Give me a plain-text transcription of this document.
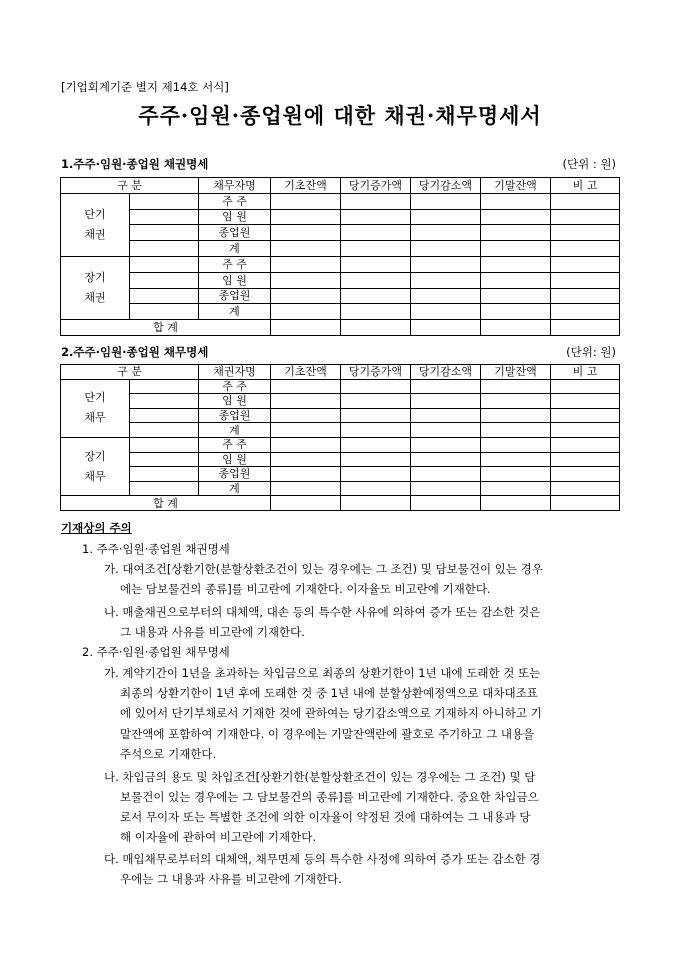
[기업회계기준 별지 제14호 서식]
주주·임원·종업원에 대한 채권·채무명세서
1.주주·임원·종업원 채권명세	(단위 : 원)
구 분		채무자명	기초잔액	당기증가액	당기감소액	기말잔액	비 고
단기
채권		주 주					
		임 원					
		종업원					
		계					
장기
채권		주 주					
		임 원					
		종업원					
		계					
합 계							
2.주주·임원·종업원 채무명세	(단위: 원)
구 분		채권자명	기초잔액	당기증가액	당기감소액	기말잔액	비 고
단기
채무		주 주					
		임 원					
		종업원					
		계					
장기
채무		주 주					
		임 원					
		종업원					
		계					
합 계							
기재상의 주의
1. 주주·임원·종업원 채권명세
가. 대여조건[상환기한(분할상환조건이 있는 경우에는 그 조건) 및 담보물건이 있는 경우
에는 담보물건의 종류]를 비고란에 기재한다. 이자율도 비고란에 기재한다.
나. 매출채권으로부터의 대체액, 대손 등의 특수한 사유에 의하여 증가 또는 감소한 것은
그 내용과 사유를 비고란에 기재한다.
2. 주주·임원·종업원 채무명세
가. 계약기간이 1년을 초과하는 차입금으로 최종의 상환기한이 1년 내에 도래한 것 또는
최종의 상환기한이 1년 후에 도래한 것 중 1년 내에 분할상환예정액으로 대차대조표
에 있어서 단기부채로서 기재한 것에 관하여는 당기감소액으로 기재하지 아니하고 기
말잔액에 포함하여 기재한다. 이 경우에는 기말잔액란에 괄호로 주기하고 그 내용을
주석으로 기재한다.
나. 차입금의 용도 및 차입조건[상환기한(분할상환조건이 있는 경우에는 그 조건) 및 담
보물건이 있는 경우에는 그 담보물건의 종류]를 비고란에 기재한다. 중요한 차입금으
로서 무이자 또는 특별한 조건에 의한 이자율이 약정된 것에 대하여는 그 내용과 당
해 이자율에 관하여 비고란에 기재한다.
다. 매입채무로부터의 대체액, 채무면제 등의 특수한 사정에 의하여 증가 또는 감소한 경
우에는 그 내용과 사유를 비고란에 기재한다.
